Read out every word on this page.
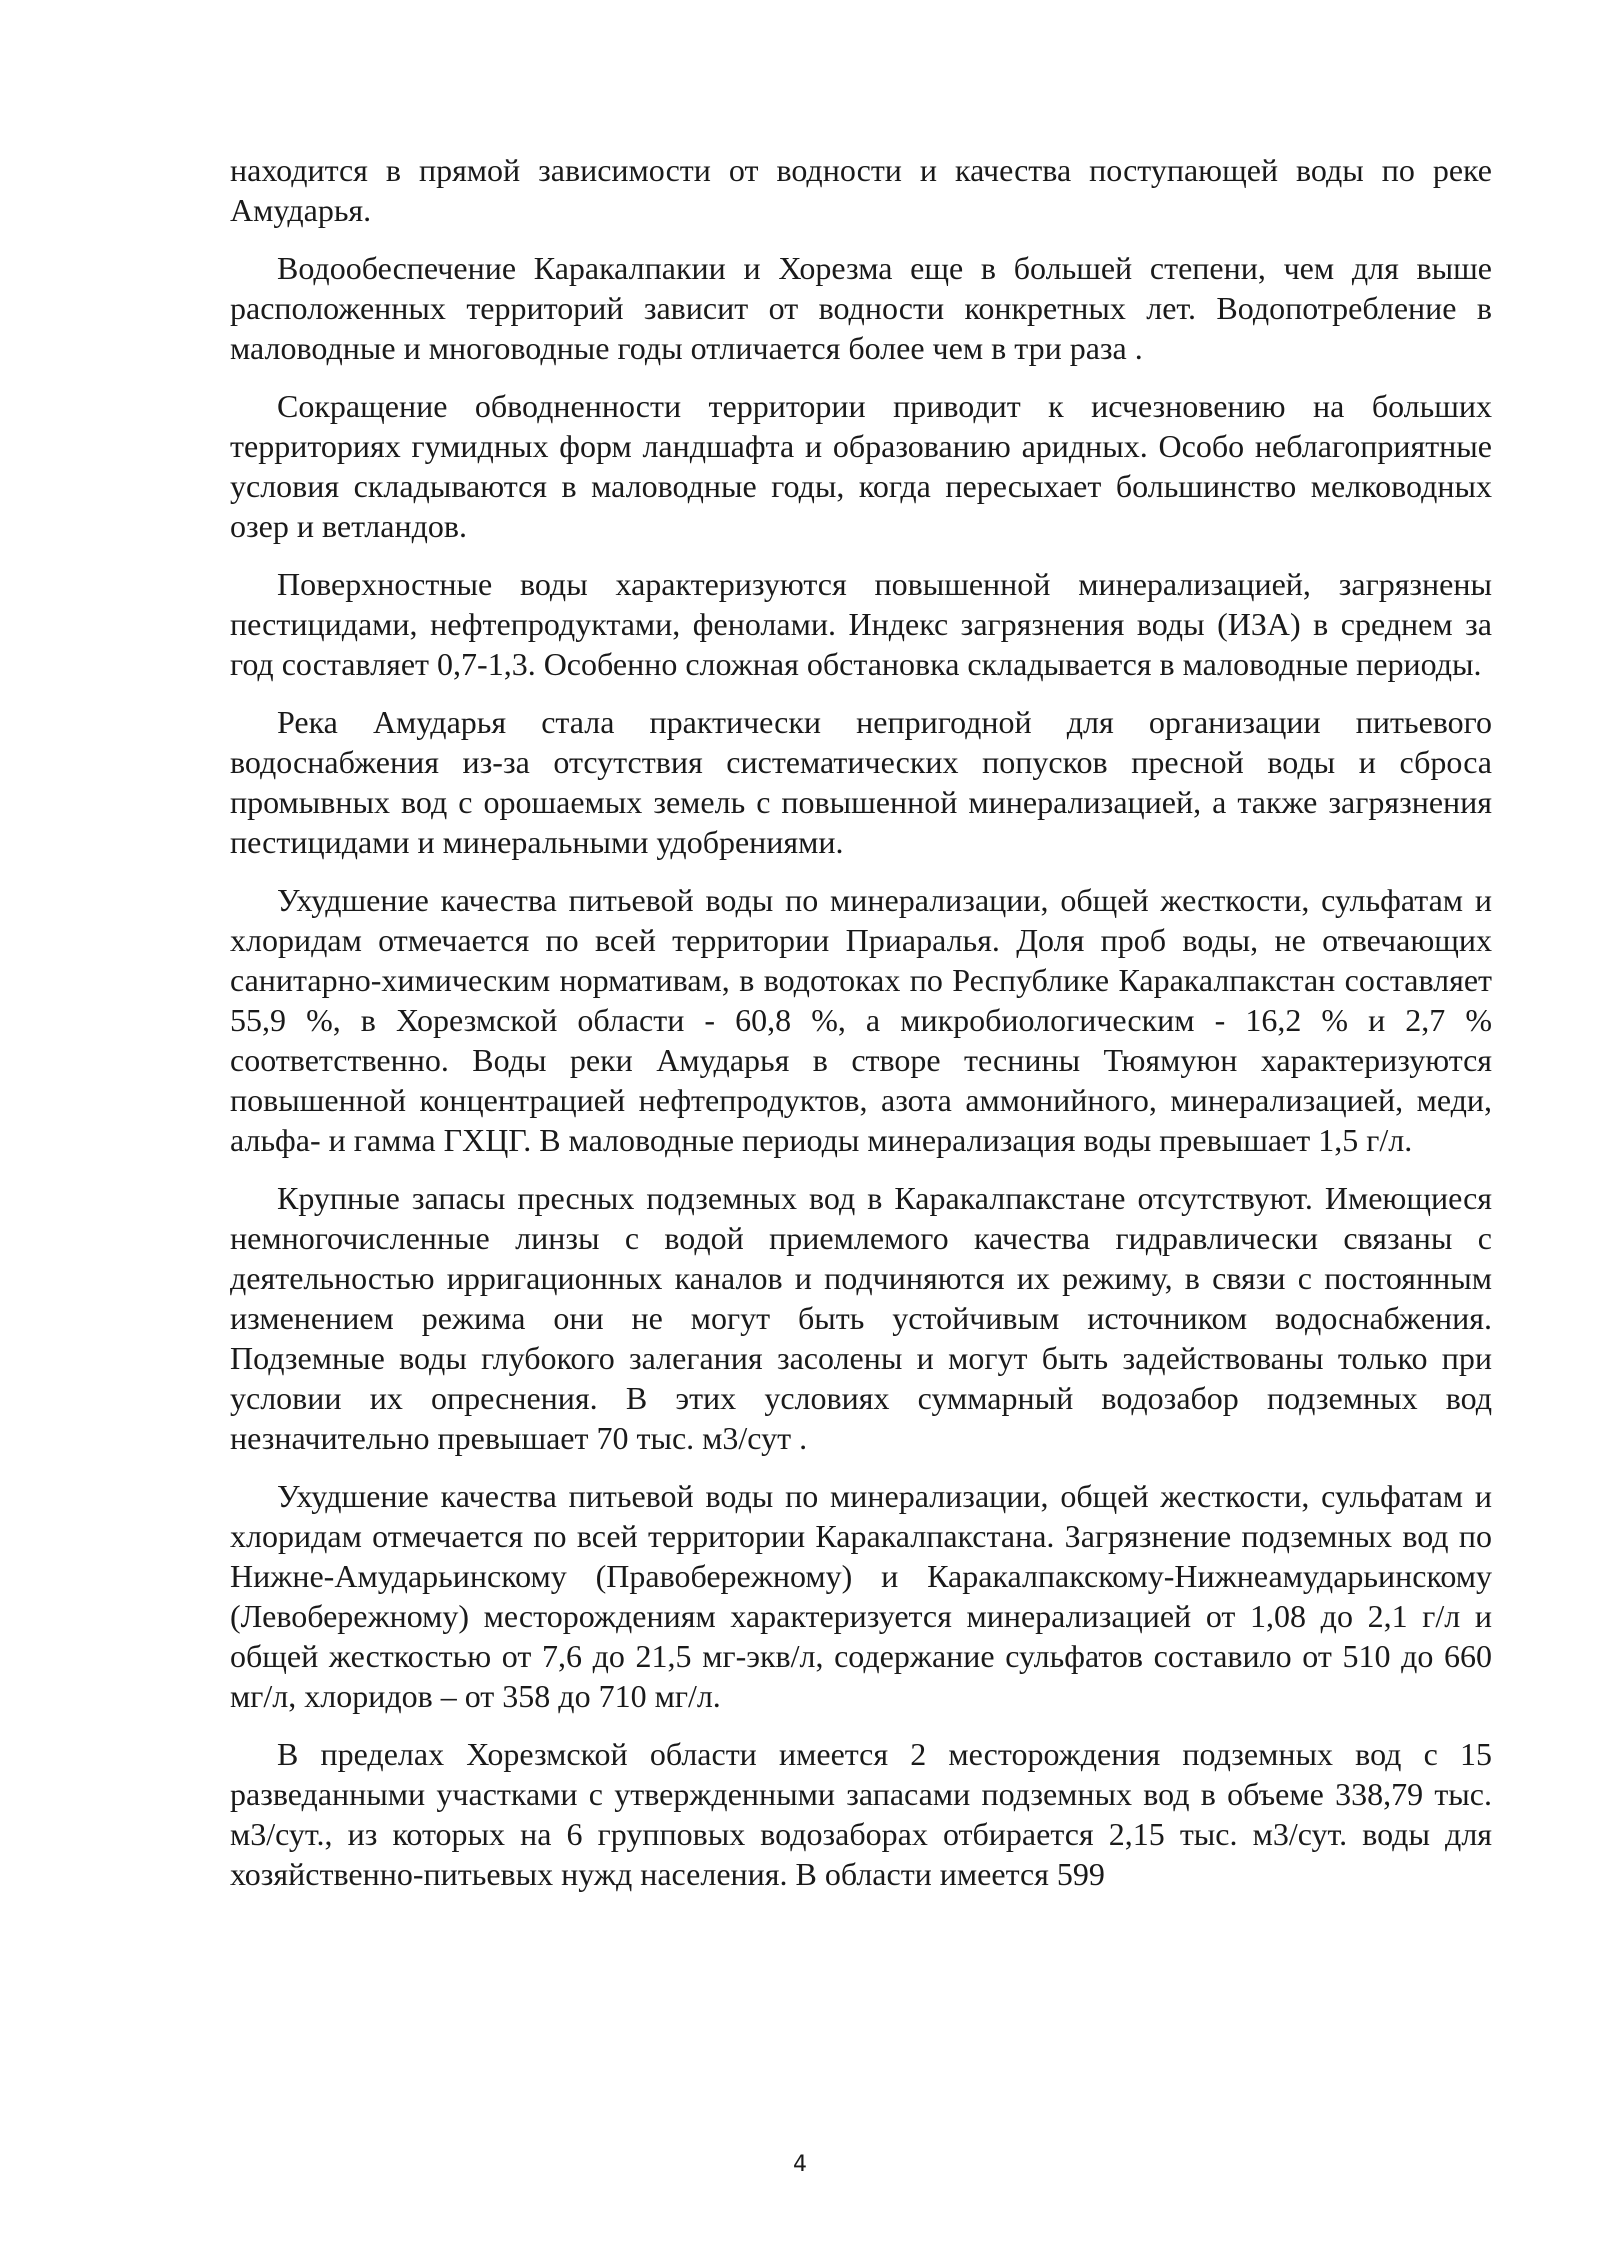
находится в прямой зависимости от водности и качества поступающей воды по реке Амударья.

Водообеспечение Каракалпакии и Хорезма еще в большей степени, чем для выше расположенных территорий зависит от водности конкретных лет. Водопотребление в маловодные и многоводные годы отличается более чем в три раза .

Сокращение обводненности территории приводит к исчезновению на больших территориях гумидных форм ландшафта и образованию аридных. Особо неблагоприятные условия складываются в маловодные годы, когда пересыхает большинство мелководных озер и ветландов.

Поверхностные воды характеризуются повышенной минерализацией, загрязнены пестицидами, нефтепродуктами, фенолами. Индекс загрязнения воды (ИЗА) в среднем за год составляет 0,7-1,3. Особенно сложная обстановка складывается в маловодные периоды.

Река Амударья стала практически непригодной для организации питьевого водоснабжения из-за отсутствия систематических попусков пресной воды и сброса промывных вод с орошаемых земель с повышенной минерализацией, а также загрязнения пестицидами и минеральными удобрениями.

Ухудшение качества питьевой воды по минерализации, общей жесткости, сульфатам и хлоридам отмечается по всей территории Приаралья. Доля проб воды, не отвечающих санитарно-химическим нормативам, в водотоках по Республике Каракалпакстан составляет 55,9 %, в Хорезмской области - 60,8 %, а микробиологическим - 16,2 % и 2,7 % соответственно. Воды реки Амударья в створе теснины Тюямуюн характеризуются повышенной концентрацией нефтепродуктов, азота аммонийного, минерализацией, меди, альфа- и гамма ГХЦГ. В маловодные периоды минерализация воды превышает 1,5 г/л.

Крупные запасы пресных подземных вод в Каракалпакстане отсутствуют. Имеющиеся немногочисленные линзы с водой приемлемого качества гидравлически связаны с деятельностью ирригационных каналов и подчиняются их режиму, в связи с постоянным изменением режима они не могут быть устойчивым источником водоснабжения. Подземные воды глубокого залегания засолены и могут быть задействованы только при условии их опреснения. В этих условиях суммарный водозабор подземных вод незначительно превышает 70 тыс. м3/сут .

Ухудшение качества питьевой воды по минерализации, общей жесткости, сульфатам и хлоридам отмечается по всей территории Каракалпакстана. Загрязнение подземных вод по Нижне-Амударьинскому (Правобережному) и Каракалпакскому-Нижнеамударьинскому (Левобережному) месторождениям характеризуется минерализацией от 1,08 до 2,1 г/л и общей жесткостью от 7,6 до 21,5 мг-экв/л, содержание сульфатов составило от 510 до 660 мг/л, хлоридов – от 358 до 710 мг/л.

В пределах Хорезмской области имеется 2 месторождения подземных вод с 15 разведанными участками с утвержденными запасами подземных вод в объеме 338,79 тыс. м3/сут., из которых на 6 групповых водозаборах отбирается 2,15 тыс. м3/сут. воды для хозяйственно-питьевых нужд населения. В области имеется 599

4
